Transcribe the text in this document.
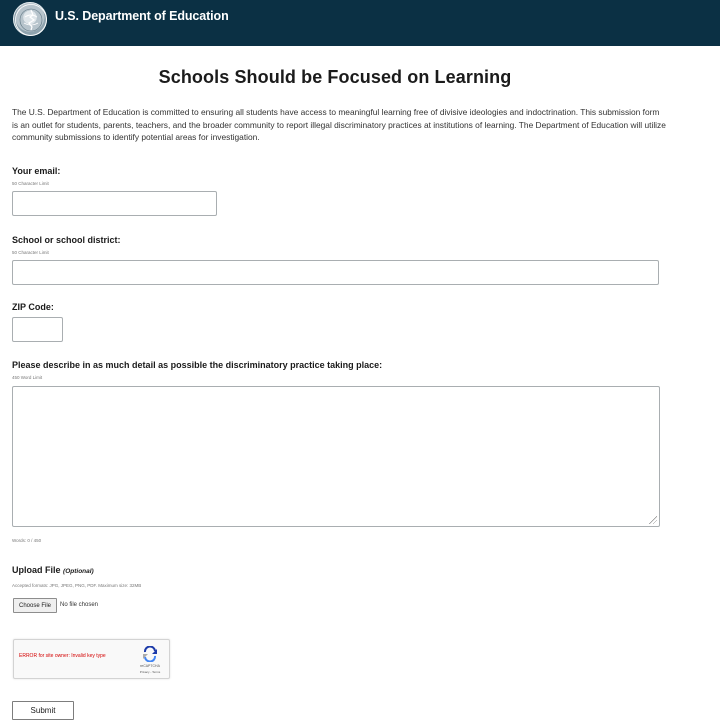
U.S. Department of Education
Schools Should be Focused on Learning
The U.S. Department of Education is committed to ensuring all students have access to meaningful learning free of divisive ideologies and indoctrination. This submission form is an outlet for students, parents, teachers, and the broader community to report illegal discriminatory practices at institutions of learning. The Department of Education will utilize community submissions to identify potential areas for investigation.
Your email:
50 Character Limit
School or school district:
50 Character Limit
ZIP Code:
Please describe in as much detail as possible the discriminatory practice taking place:
450 Word Limit
Words: 0 / 450
Upload File (Optional)
Accepted formats: JPG, JPEG, PNG, PDF. Maximum size: 32MB
Choose File	No file chosen
ERROR for site owner: Invalid key type
reCAPTCHA
Privacy - Terms
Submit
